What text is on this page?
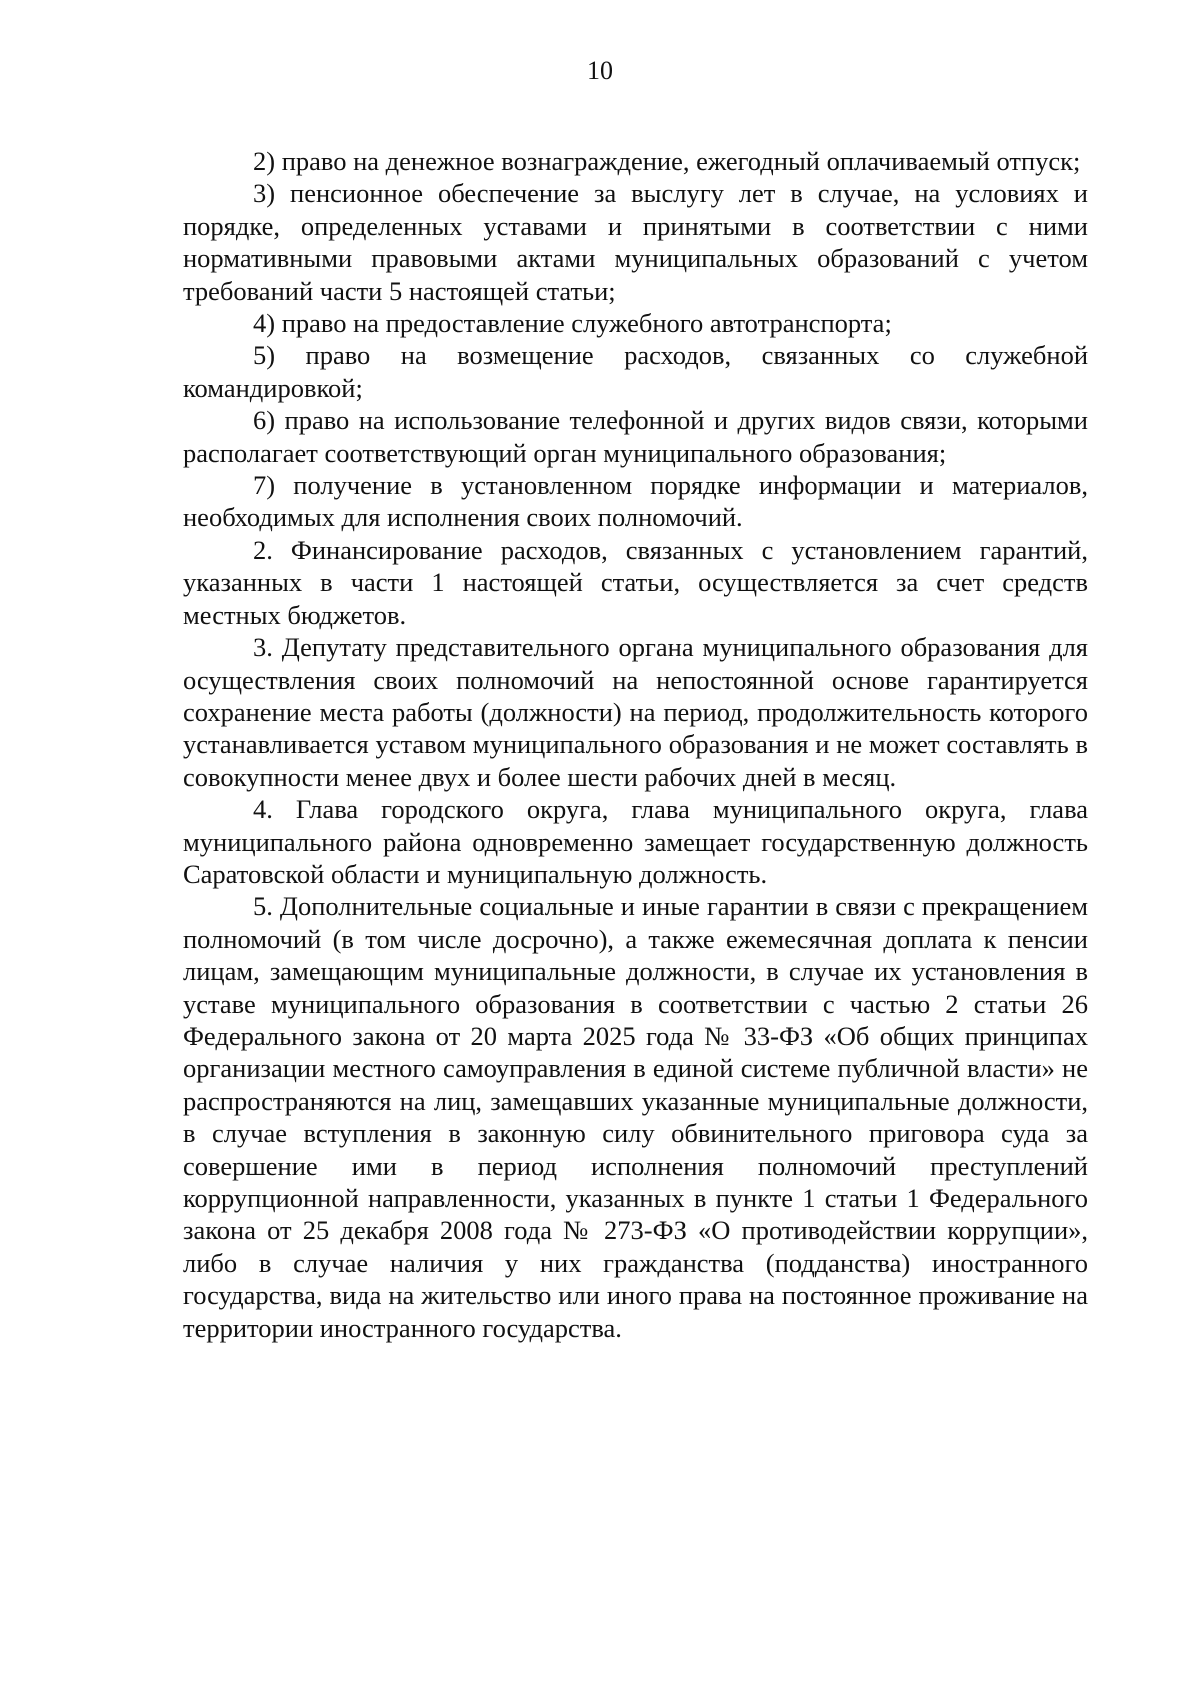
10

2) право на денежное вознаграждение, ежегодный оплачиваемый отпуск;

3) пенсионное обеспечение за выслугу лет в случае, на условиях и порядке, определенных уставами и принятыми в соответствии с ними нормативными правовыми актами муниципальных образований с учетом требований части 5 настоящей статьи;

4) право на предоставление служебного автотранспорта;

5) право на возмещение расходов, связанных со служебной командировкой;

6) право на использование телефонной и других видов связи, которыми располагает соответствующий орган муниципального образования;

7) получение в установленном порядке информации и материалов, необходимых для исполнения своих полномочий.

2. Финансирование расходов, связанных с установлением гарантий, указанных в части 1 настоящей статьи, осуществляется за счет средств местных бюджетов.

3. Депутату представительного органа муниципального образования для осуществления своих полномочий на непостоянной основе гарантируется сохранение места работы (должности) на период, продолжительность которого устанавливается уставом муниципального образования и не может составлять в совокупности менее двух и более шести рабочих дней в месяц.

4. Глава городского округа, глава муниципального округа, глава муниципального района одновременно замещает государственную должность Саратовской области и муниципальную должность.

5. Дополнительные социальные и иные гарантии в связи с прекращением полномочий (в том числе досрочно), а также ежемесячная доплата к пенсии лицам, замещающим муниципальные должности, в случае их установления в уставе муниципального образования в соответствии с частью 2 статьи 26 Федерального закона от 20 марта 2025 года № 33-ФЗ «Об общих принципах организации местного самоуправления в единой системе публичной власти» не распространяются на лиц, замещавших указанные муниципальные должности, в случае вступления в законную силу обвинительного приговора суда за совершение ими в период исполнения полномочий преступлений коррупционной направленности, указанных в пункте 1 статьи 1 Федерального закона от 25 декабря 2008 года № 273-ФЗ «О противодействии коррупции», либо в случае наличия у них гражданства (подданства) иностранного государства, вида на жительство или иного права на постоянное проживание на территории иностранного государства.
